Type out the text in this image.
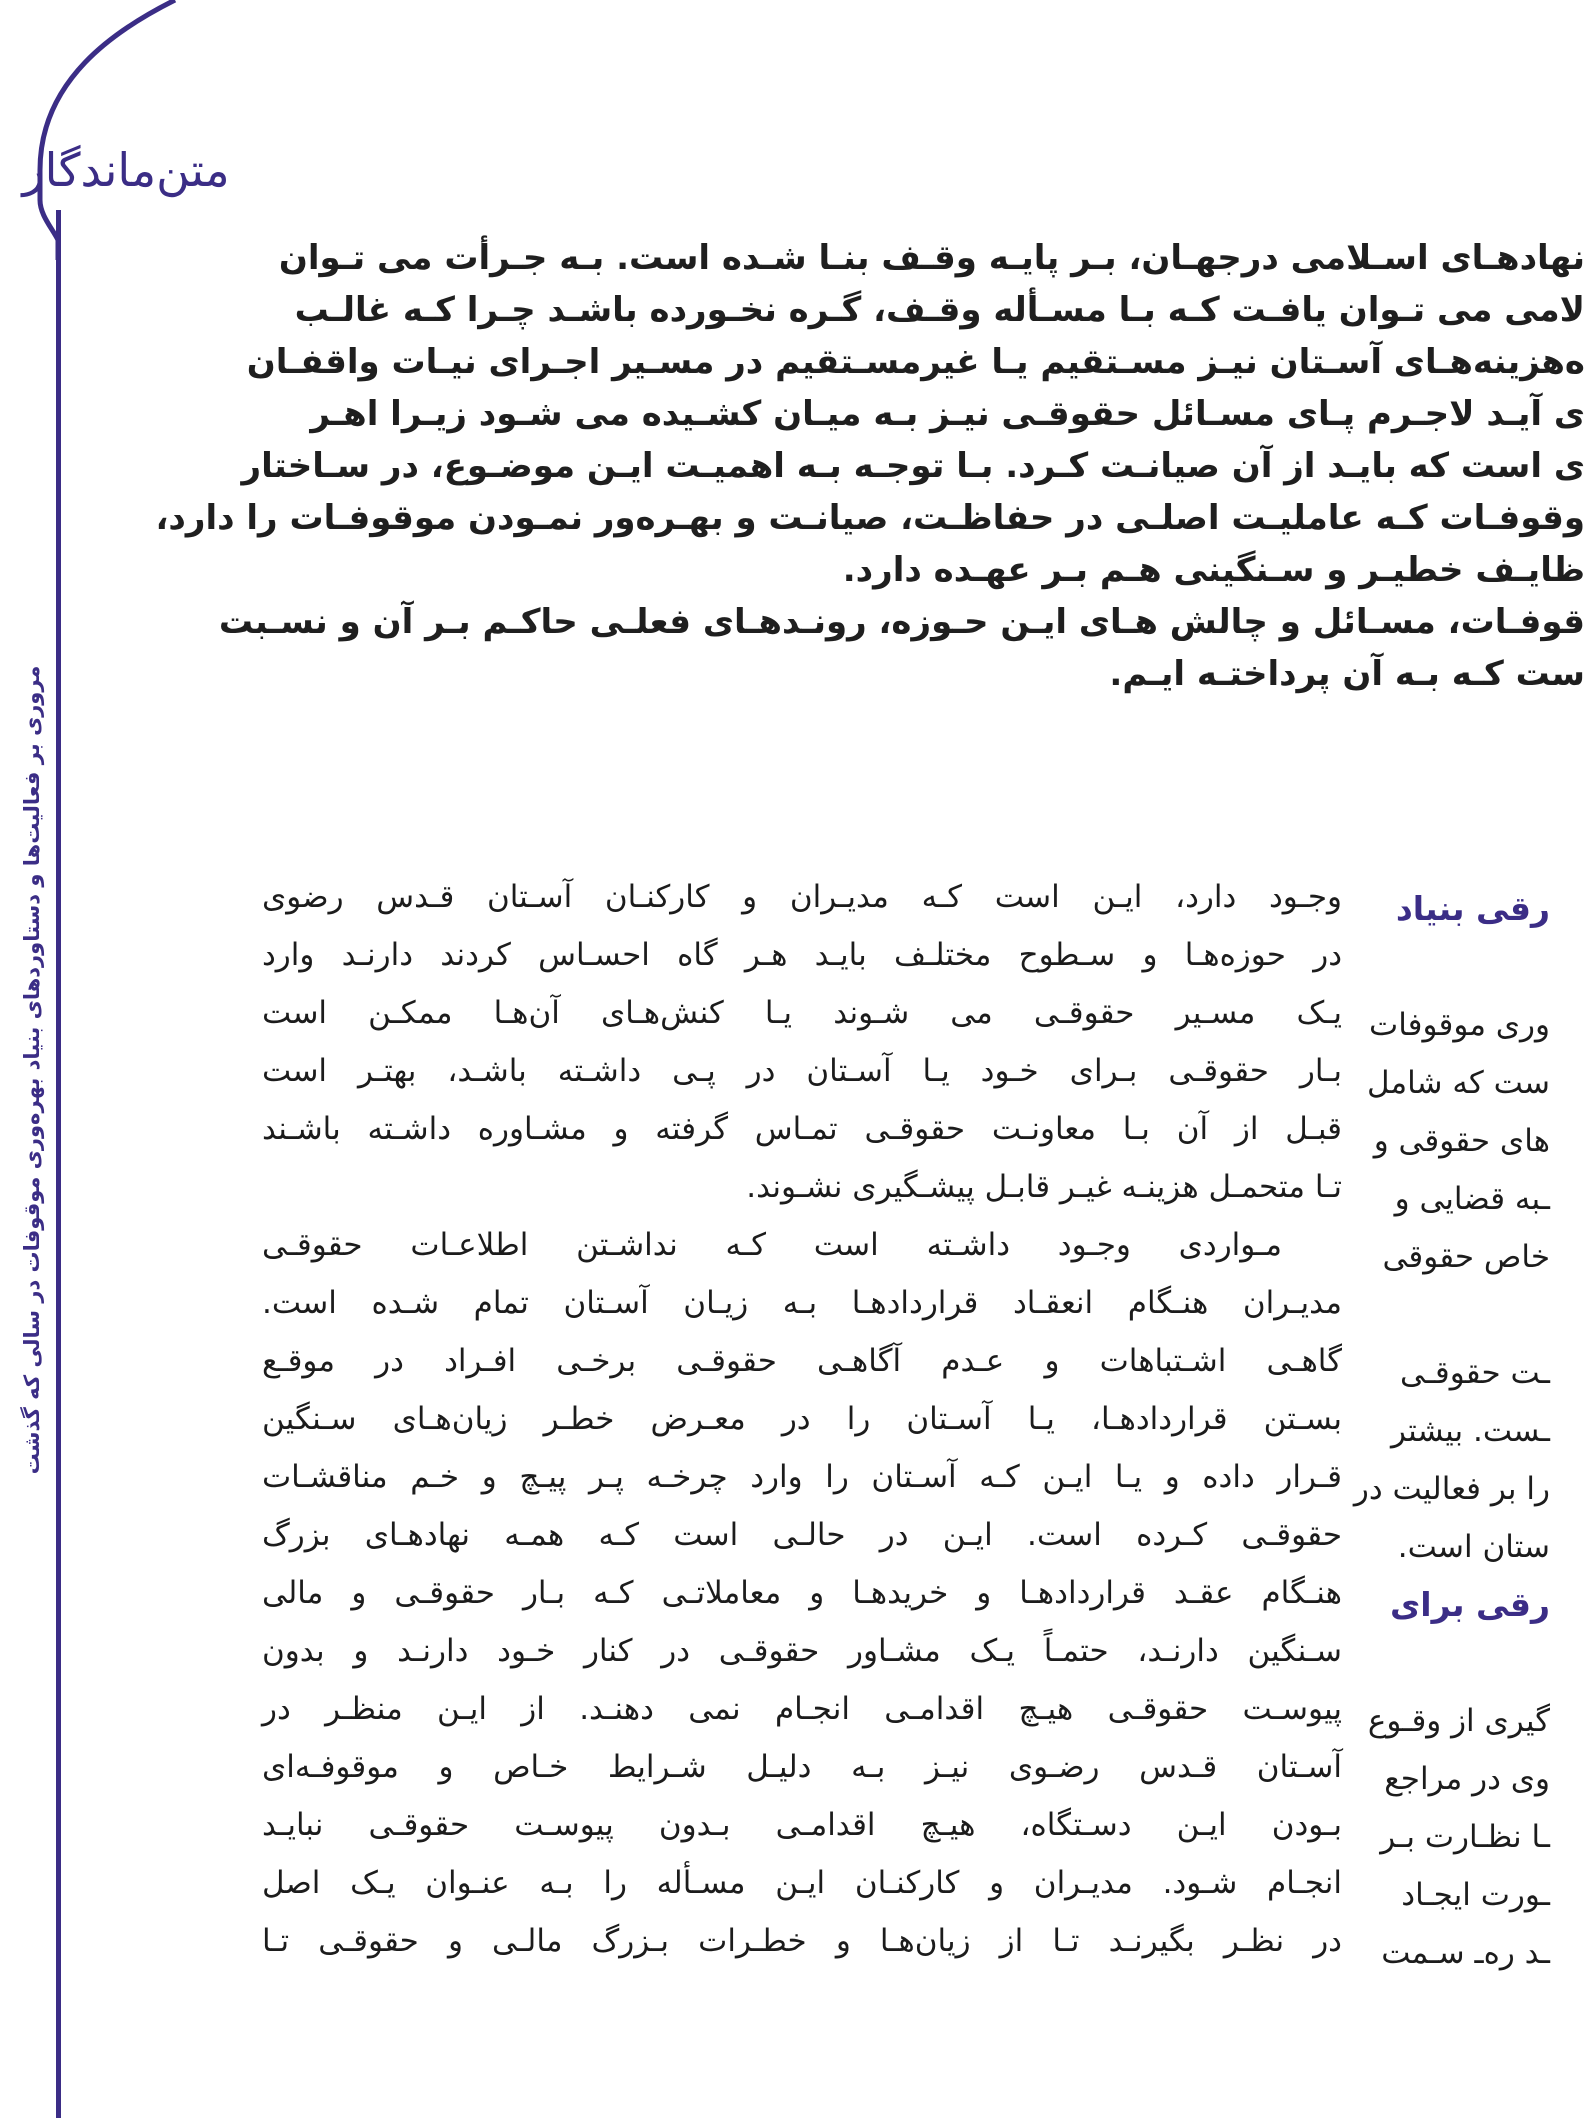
متن‌ماندگار
مروری بر فعالیت‌ها و دستاوردهای بنیاد بهره‌وری موقوفات در سالی که گذشت

نهادهـای اسـلامی درجهـان، بـر پایـه وقـف بنـا شـده است. بـه جـرأت می تـوان

لامی می تـوان یافـت کـه بـا مسـأله وقـف، گـره نخـورده باشـد چـرا کـه غالـب

ه‌هزینه‌هـای آسـتان نیـز مسـتقیم یـا غیرمسـتقیم در مسـیر اجـرای نیـات واقفـان

ی آیـد لاجـرم پـای مسـائل حقوقـی نیـز بـه میـان کشـیده می شـود زیـرا اهـر

ی است که بایـد از آن صیانـت کـرد. بـا توجـه بـه اهمیـت ایـن موضـوع، در سـاختار

وقوفـات کـه عاملیـت اصلـی در حفاظـت، صیانـت و بهـره‌ور نمـودن موقوفـات را دارد،

ظایـف خطیـر و سـنگینی هـم بـر عهـده دارد.

قوفـات، مسـائل و چالش هـای ایـن حـوزه، رونـدهـای فعلـی حاکـم بـر آن و نسـبت

ست کـه بـه آن پرداختـه ایـم.

وجـود دارد، ایـن است کـه مدیـران و کارکنـان آسـتان قـدس رضوی

در حوزه‌هـا و سـطوح مختلـف بایـد هـر گاه احسـاس کردند دارنـد وارد

یـک مسـیر حقوقـی می شـوند یـا کنش‌هـای آن‌هـا ممکـن است

بـار حقوقـی بـرای خـود یـا آسـتان در پـی داشـته باشـد، بهتـر است

قبـل از آن بـا معاونـت حقوقـی تمـاس گرفته و مشـاوره داشـته باشـند

تـا متحمـل هزینـه غیـر قابـل پیشـگیری نشـوند.

مـواردی وجـود داشـته است کـه نداشـتن اطلاعـات حقوقـی

مدیـران هنـگام انعقـاد قرارداد‌هـا بـه زیـان آسـتان تمام شـده است.

گاهـی اشـتباهات و عـدم آگاهـی حقوقـی برخـی افـراد در موقـع

بسـتن قرارداد‌هـا، یـا آسـتان را در معـرض خطـر زیان‌هـای سـنگین

قـرار داده و یـا ایـن کـه آسـتان را وارد چرخـه پـر پیـچ و خـم مناقشـات

حقوقـی کـرده است. ایـن در حالـی است کـه همـه نهادهـای بزرگ

هنـگام عقـد قراردادهـا و خریدهـا و معاملاتـی کـه بـار حقوقـی و مالی

سـنگین دارنـد، حتمـاً یـک مشـاور حقوقـی در کنار خـود دارنـد و بدون

پیوسـت حقوقـی هیـچ اقدامـی انجـام نمی دهنـد. از ایـن منظـر در

آسـتان قـدس رضـوی نیـز بـه دلیـل شـرایط خـاص و موقوفـه‌ای

بـودن ایـن دسـتگاه، هیـچ اقدامـی بـدون پیوسـت حقوقـی نبایـد

انجـام شـود. مدیـران و کارکنـان ایـن مسـأله را بـه عنـوان یـک اصل

در نظـر بگیرنـد تـا از زیان‌هـا و خطـرات بـزرگ مالـی و حقوقـی تـا

رقی بنیاد
وری موقوفات
ست که شامل
های حقوقی و
ـبه قضایی و
خاص حقوقی
ـت حقوقـی
ـست. بیشتر
را بر فعالیت در
ستان است.
رقی برای
گیری از وقـوع
وی در مراجع
ـا نظـارت بـر
ـورت ایجـاد
ـد ره‌ـ سـمت
